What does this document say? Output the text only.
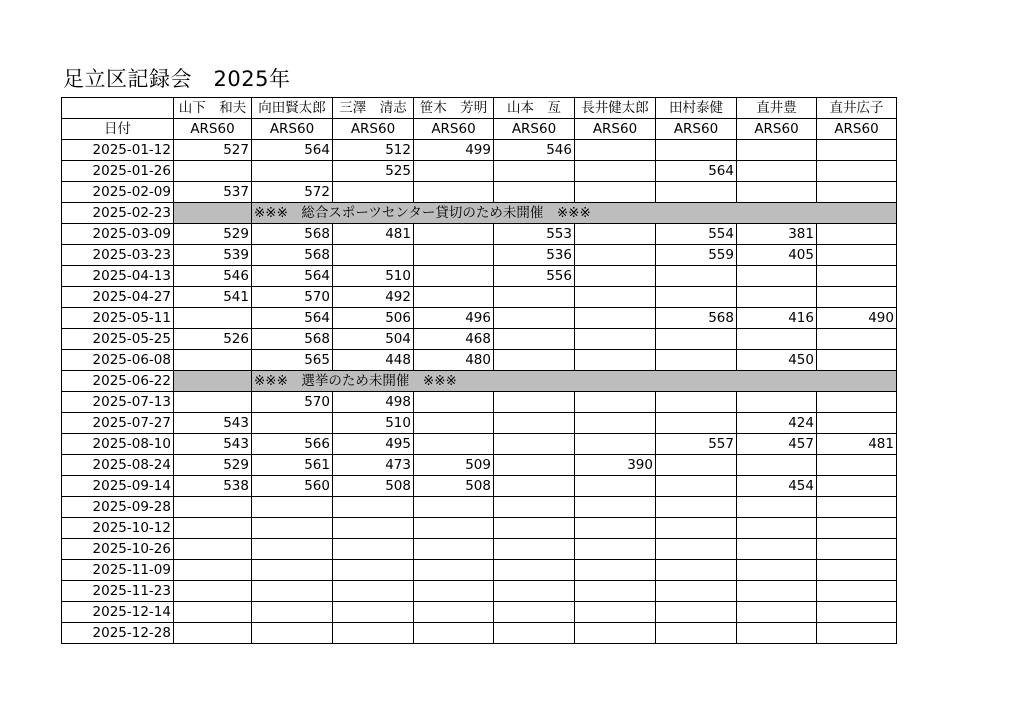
足立区記録会　2025年
	山下　和夫	向田賢太郎	三澤　清志	笹木　芳明	山本　亙	長井健太郎	田村泰健	直井豊	直井広子
日付	ARS60	ARS60	ARS60	ARS60	ARS60	ARS60	ARS60	ARS60	ARS60
2025-01-12	527	564	512	499	546				
2025-01-26			525				564		
2025-02-09	537	572							
2025-02-23		※※※　総合スポーツセンター貸切のため未開催　※※※							
2025-03-09	529	568	481		553		554	381	
2025-03-23	539	568			536		559	405	
2025-04-13	546	564	510		556				
2025-04-27	541	570	492						
2025-05-11		564	506	496			568	416	490
2025-05-25	526	568	504	468					
2025-06-08		565	448	480				450	
2025-06-22		※※※　選挙のため未開催　※※※							
2025-07-13		570	498						
2025-07-27	543		510					424	
2025-08-10	543	566	495				557	457	481
2025-08-24	529	561	473	509		390			
2025-09-14	538	560	508	508				454	
2025-09-28									
2025-10-12									
2025-10-26									
2025-11-09									
2025-11-23									
2025-12-14									
2025-12-28									
